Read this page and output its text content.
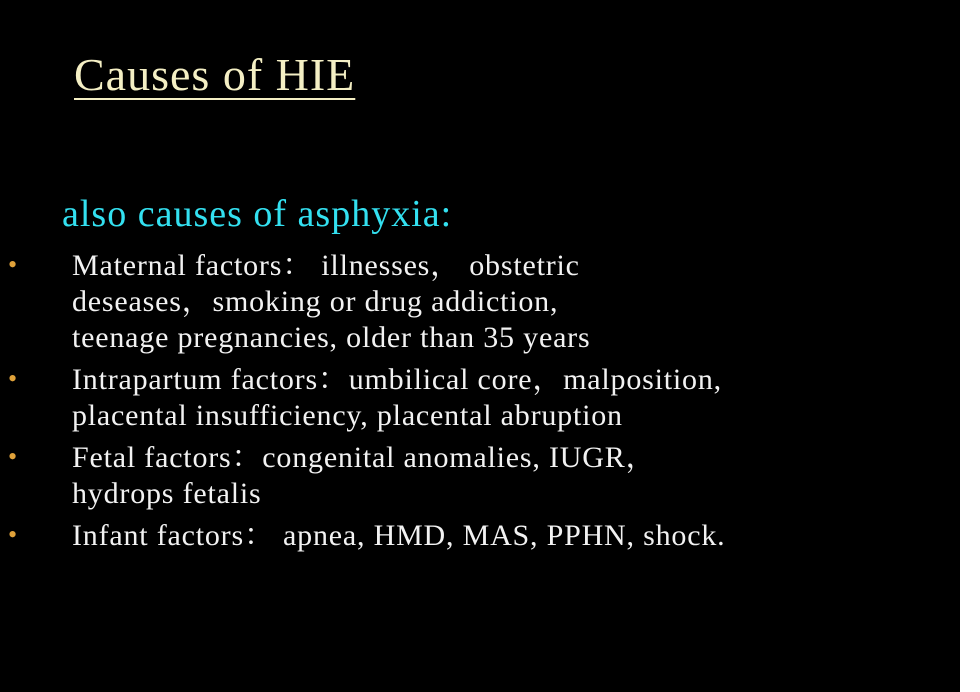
Causes of HIE
also causes of asphyxia:
• Maternal factors： illnesses， obstetric
deseases，smoking or drug addiction,
teenage pregnancies, older than 35 years
• Intrapartum factors：umbilical core，malposition,
placental insufficiency, placental abruption
• Fetal factors：congenital anomalies, IUGR，
hydrops fetalis
• Infant factors： apnea, HMD, MAS, PPHN, shock.
